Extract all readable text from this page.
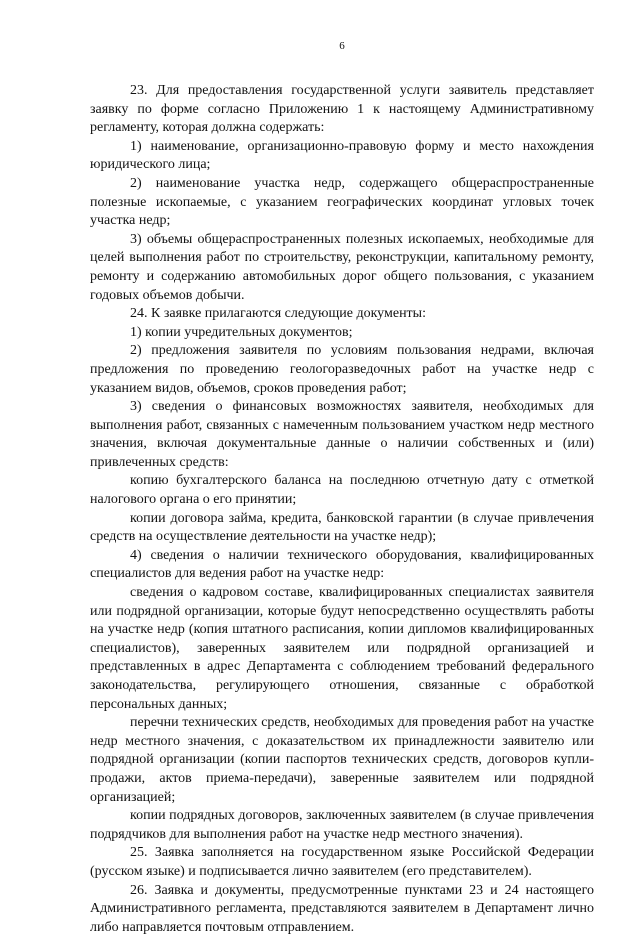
6

23. Для предоставления государственной услуги заявитель представляет заявку по форме согласно Приложению 1 к настоящему Административному регламенту, которая должна содержать:

1) наименование, организационно-правовую форму и место нахождения юридического лица;

2) наименование участка недр, содержащего общераспространенные полезные ископаемые, с указанием географических координат угловых точек участка недр;

3) объемы общераспространенных полезных ископаемых, необходимые для целей выполнения работ по строительству, реконструкции, капитальному ремонту, ремонту и содержанию автомобильных дорог общего пользования, с указанием годовых объемов добычи.

24. К заявке прилагаются следующие документы:

1) копии учредительных документов;

2) предложения заявителя по условиям пользования недрами, включая предложения по проведению геологоразведочных работ на участке недр с указанием видов, объемов, сроков проведения работ;

3) сведения о финансовых возможностях заявителя, необходимых для выполнения работ, связанных с намеченным пользованием участком недр местного значения, включая документальные данные о наличии собственных и (или) привлеченных средств:

копию бухгалтерского баланса на последнюю отчетную дату с отметкой налогового органа о его принятии;

копии договора займа, кредита, банковской гарантии (в случае привлечения средств на осуществление деятельности на участке недр);

4) сведения о наличии технического оборудования, квалифицированных специалистов для ведения работ на участке недр:

сведения о кадровом составе, квалифицированных специалистах заявителя или подрядной организации, которые будут непосредственно осуществлять работы на участке недр (копия штатного расписания, копии дипломов квалифицированных специалистов), заверенных заявителем или подрядной организацией и представленных в адрес Департамента с соблюдением требований федерального законодательства, регулирующего отношения, связанные с обработкой персональных данных;

перечни технических средств, необходимых для проведения работ на участке недр местного значения, с доказательством их принадлежности заявителю или подрядной организации (копии паспортов технических средств, договоров купли-продажи, актов приема-передачи), заверенные заявителем или подрядной организацией;

копии подрядных договоров, заключенных заявителем (в случае привлечения подрядчиков для выполнения работ на участке недр местного значения).

25. Заявка заполняется на государственном языке Российской Федерации (русском языке) и подписывается лично заявителем (его представителем).

26. Заявка и документы, предусмотренные пунктами 23 и 24 настоящего Административного регламента, представляются заявителем в Департамент лично либо направляется почтовым отправлением.
